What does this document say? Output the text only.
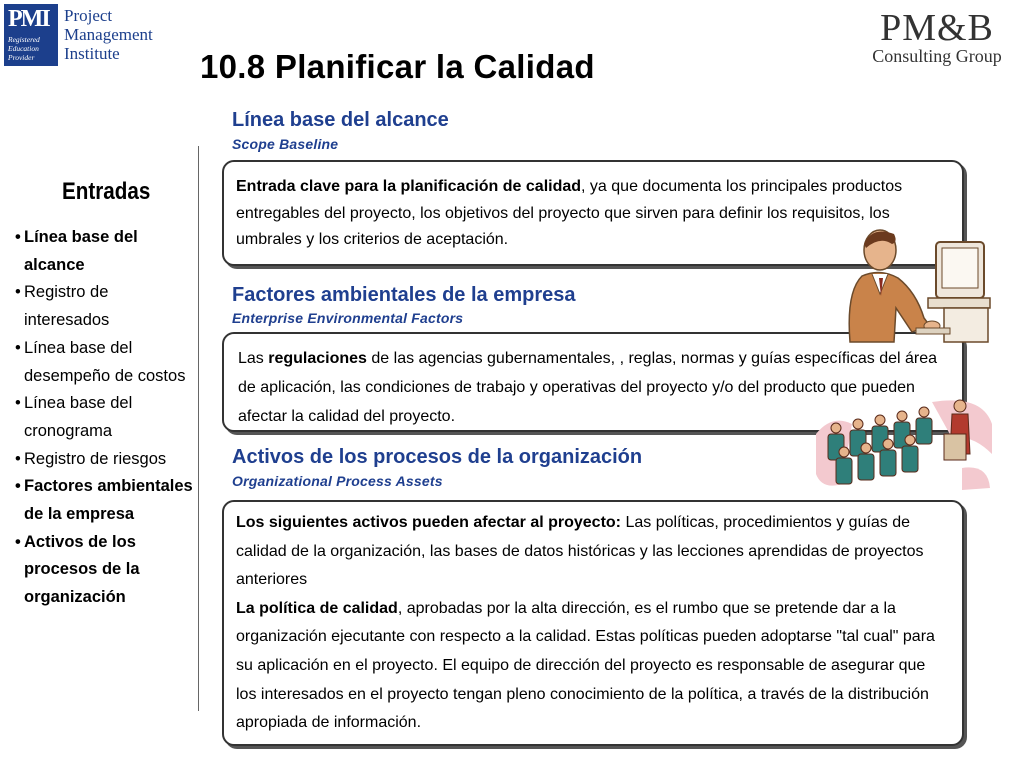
PMI
Registered
Education
Provider
Project
Management
Institute
PM&B
Consulting Group
10.8 Planificar la Calidad
Entradas
• Línea base del alcance
• Registro de interesados
• Línea base del desempeño de costos
• Línea base del cronograma
• Registro de riesgos
• Factores ambientales de la empresa
• Activos de los procesos de la organización
Línea base del alcance
Scope Baseline
Entrada clave para la planificación de calidad, ya que documenta los principales productos entregables del proyecto, los objetivos del proyecto que sirven para definir los requisitos, los umbrales y los criterios de aceptación.
Factores ambientales de la empresa
Enterprise Environmental Factors
Las regulaciones de las agencias gubernamentales, , reglas, normas y guías específicas del área de aplicación, las condiciones de trabajo y operativas del proyecto y/o del producto que pueden afectar la calidad del proyecto.
Activos de los procesos de la organización
Organizational Process Assets
Los siguientes activos pueden afectar al proyecto: Las políticas, procedimientos y guías de calidad de la organización, las bases de datos históricas y las lecciones aprendidas de proyectos anteriores
La política de calidad, aprobadas por la alta dirección, es el rumbo que se pretende dar a la organización ejecutante con respecto a la calidad. Estas políticas pueden adoptarse "tal cual" para su aplicación en el proyecto. El equipo de dirección del proyecto es responsable de asegurar que los interesados en el proyecto tengan pleno conocimiento de la política, a través de la distribución apropiada de información.
